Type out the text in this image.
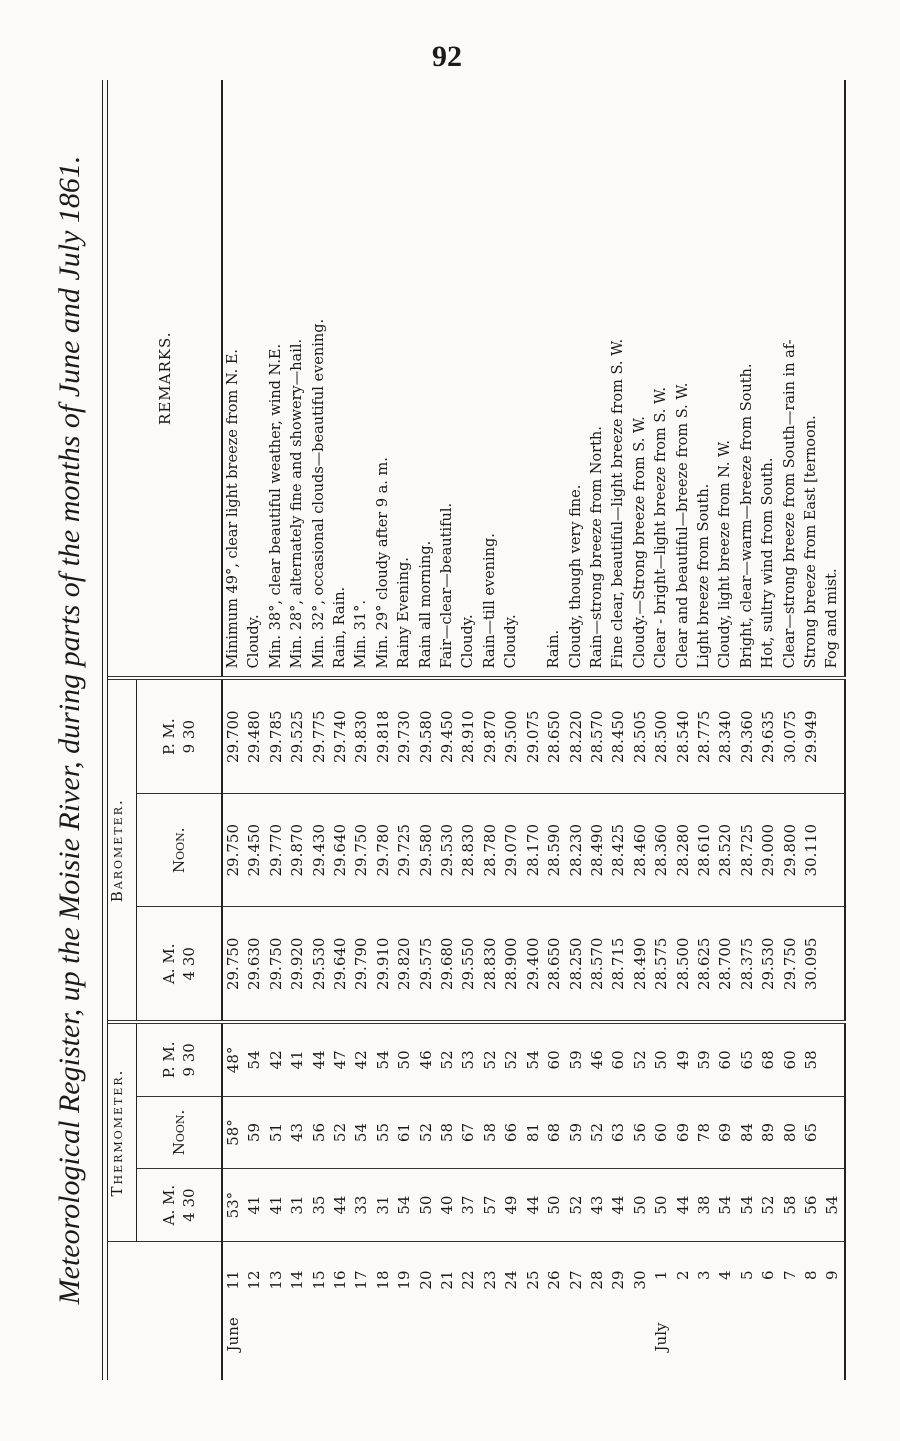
92
Meteorological Register, up the Moisie River, during parts of the months of June and July 1861.
	Thermometer.			Barometer.			REMARKS.
	A. M. 4 30	Noon.	P. M. 9 30	A. M. 4 30	Noon.	P. M. 9 30	
June11	53°	58°	48°	29.750	29.750	29.700	Minimum 49°, clear light breeze from N. E.
12	41	59	54	29.630	29.450	29.480	Cloudy.
13	41	51	42	29.750	29.770	29.785	Min. 38°, clear beautiful weather, wind N.E.
14	31	43	41	29.920	29.870	29.525	Min. 28°, alternately fine and showery—hail.
15	35	56	44	29.530	29.430	29.775	Min. 32°, occasional clouds—beautiful evening.
16	44	52	47	29.640	29.640	29.740	Rain, Rain.
17	33	54	42	29.790	29.750	29.830	Min. 31°.
18	31	55	54	29.910	29.780	29.818	Min. 29° cloudy after 9 a. m.
19	54	61	50	29.820	29.725	29.730	Rainy Evening.
20	50	52	46	29.575	29.580	29.580	Rain all morning.
21	40	58	52	29.680	29.530	29.450	Fair—clear—beautiful.
22	37	67	53	29.550	28.830	28.910	Cloudy.
23	57	58	52	28.830	28.780	29.870	Rain—till evening.
24	49	66	52	28.900	29.070	29.500	Cloudy.
25	44	81	54	29.400	28.170	29.075	
26	50	68	60	28.650	28.590	28.650	Rain.
27	52	59	59	28.250	28.230	28.220	Cloudy, though very fine.
28	43	52	46	28.570	28.490	28.570	Rain—strong breeze from North.
29	44	63	60	28.715	28.425	28.450	Fine clear, beautiful—light breeze from S. W.
30	50	56	52	28.490	28.460	28.505	Cloudy.—Strong breeze from S. W.
July1	50	60	50	28.575	28.360	28.500	Clear - bright—light breeze from S. W.
2	44	69	49	28.500	28.280	28.540	Clear and beautiful—breeze from S. W.
3	38	78	59	28.625	28.610	28.775	Light breeze from South.
4	54	69	60	28.700	28.520	28.340	Cloudy, light breeze from N. W.
5	54	84	65	28.375	28.725	29.360	Bright, clear—warm—breeze from South.
6	52	89	68	29.530	29.000	29.635	Hot, sultry wind from South.
7	58	80	60	29.750	29.800	30.075	Clear—strong breeze from South—rain in af-
8	56	65	58	30.095	30.110	29.949	Strong breeze from East [ternoon.
9	54						Fog and mist.
